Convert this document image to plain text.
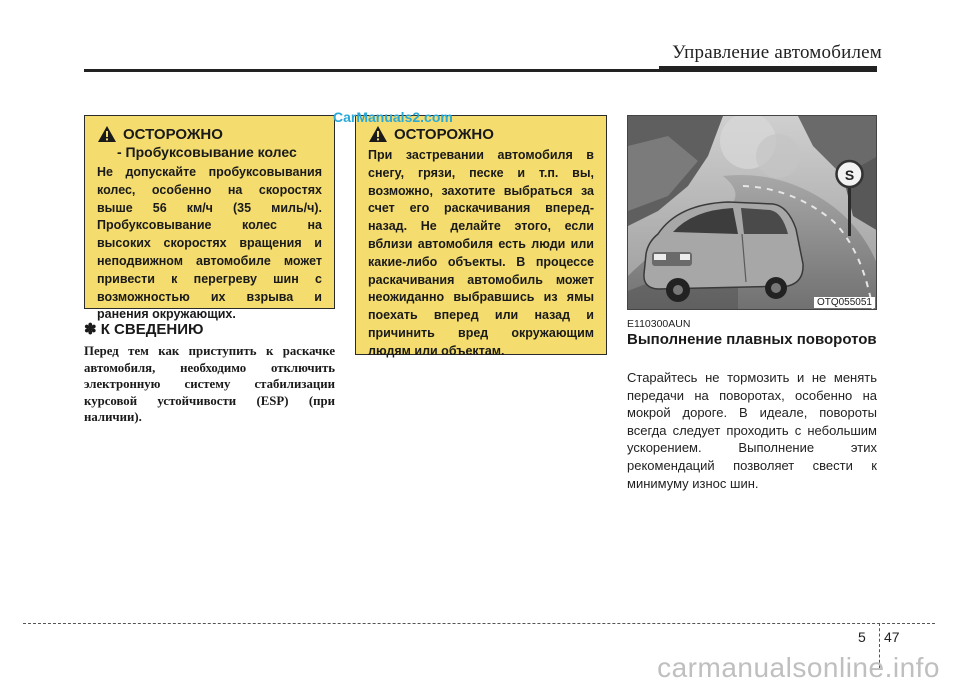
Управление автомобилем
ОСТОРОЖНО
- Пробуксовывание колес
Не допускайте пробуксовывания колес, особенно на скоростях выше 56 км/ч (35 миль/ч). Пробуксовывание колес на высоких скоростях вращения и неподвижном автомобиле может привести к перегреву шин с возможностью их взрыва и ранения окружающих.
ОСТОРОЖНО
При застревании автомобиля в снегу, грязи, песке и т.п. вы, возможно, захотите выбраться за счет его раскачивания вперед-назад. Не делайте этого, если вблизи автомобиля есть люди или какие-либо объекты. В процессе раскачивания автомобиль может неожиданно выбравшись из ямы поехать вперед или назад и причинить вред окружающим людям или объектам.
CarManuals2.com
✽ К СВЕДЕНИЮ
Перед тем как приступить к раскачке автомобиля, необходимо отключить электронную систему стабилизации курсовой устойчивости (ESP) (при наличии).
S
OTQ055051
E110300AUN
Выполнение плавных поворотов
Старайтесь не тормозить и не менять передачи на поворотах, особенно на мокрой дороге. В идеале, повороты всегда следует проходить с небольшим ускорением. Выполнение этих рекомендаций позволяет свести к минимуму износ шин.
5 47
carmanualsonline.info
